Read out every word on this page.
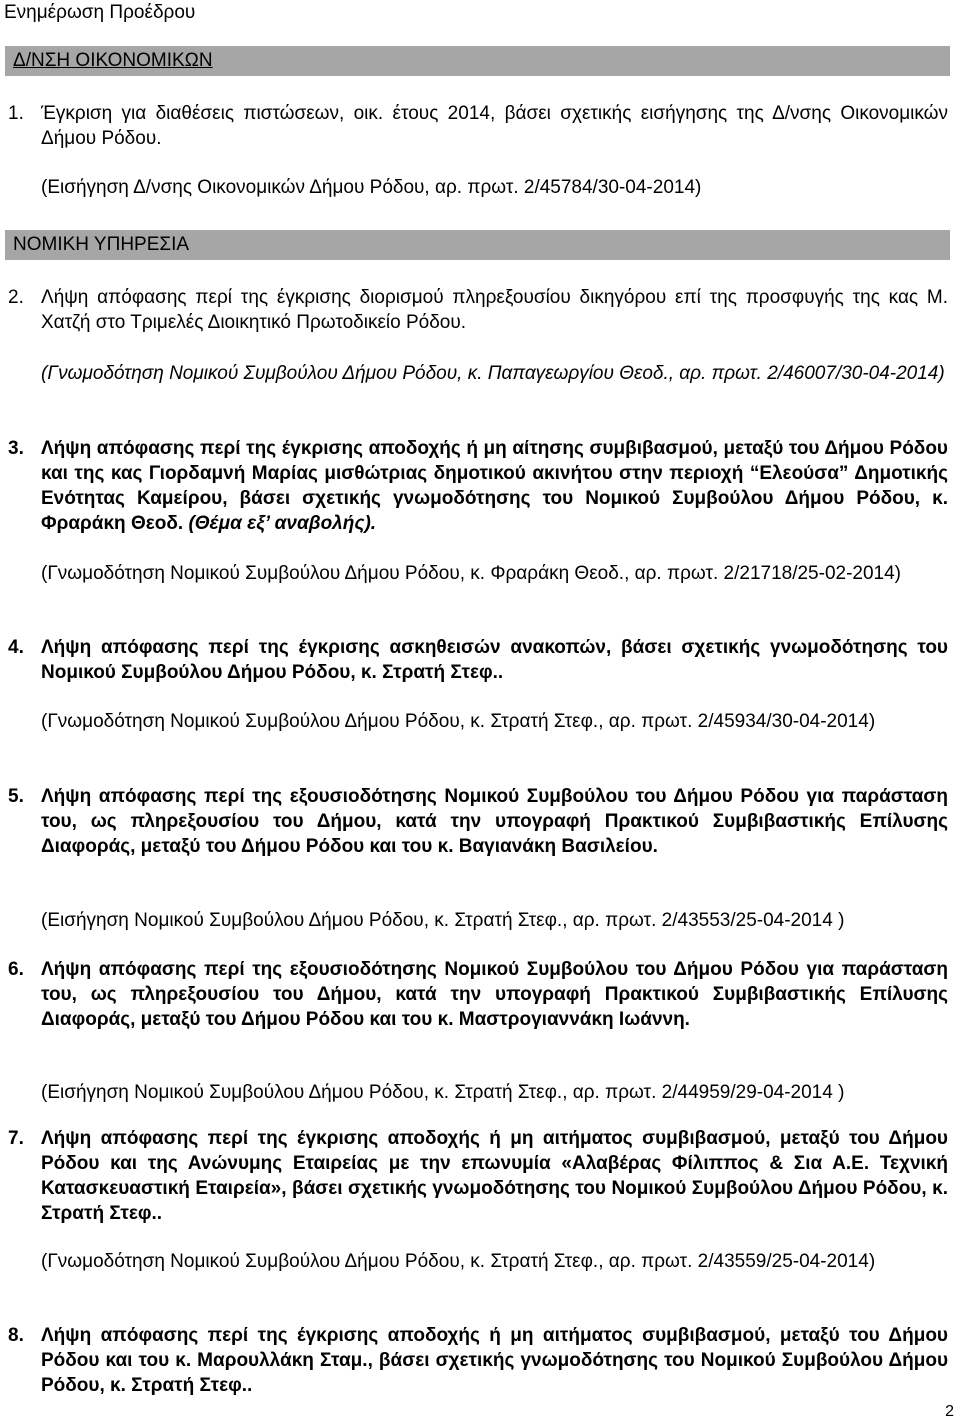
Ενημέρωση Προέδρου
Δ/ΝΣΗ ΟΙΚΟΝΟΜΙΚΩΝ
1. Έγκριση για διαθέσεις πιστώσεων, οικ. έτους 2014, βάσει σχετικής εισήγησης της Δ/νσης Οικονομικών Δήμου Ρόδου.
(Εισήγηση Δ/νσης Οικονομικών Δήμου Ρόδου, αρ. πρωτ. 2/45784/30-04-2014)
ΝΟΜΙΚΗ ΥΠΗΡΕΣΙΑ
2. Λήψη απόφασης περί της έγκρισης διορισμού πληρεξουσίου δικηγόρου επί της προσφυγής της κας Μ. Χατζή στο Τριμελές Διοικητικό Πρωτοδικείο Ρόδου.
(Γνωμοδότηση Νομικού Συμβούλου Δήμου Ρόδου, κ. Παπαγεωργίου Θεοδ., αρ. πρωτ. 2/46007/30-04-2014)
3. Λήψη απόφασης περί της έγκρισης αποδοχής ή μη αίτησης συμβιβασμού, μεταξύ του Δήμου Ρόδου και της κας Γιορδαμνή Μαρίας μισθώτριας δημοτικού ακινήτου στην περιοχή “Ελεούσα” Δημοτικής Ενότητας Καμείρου, βάσει σχετικής γνωμοδότησης του Νομικού Συμβούλου Δήμου Ρόδου, κ. Φραράκη Θεοδ. (Θέμα εξ’ αναβολής).
(Γνωμοδότηση Νομικού Συμβούλου Δήμου Ρόδου, κ. Φραράκη Θεοδ., αρ. πρωτ. 2/21718/25-02-2014)
4. Λήψη απόφασης περί της έγκρισης ασκηθεισών ανακοπών, βάσει σχετικής γνωμοδότησης του Νομικού Συμβούλου Δήμου Ρόδου, κ. Στρατή Στεφ..
(Γνωμοδότηση Νομικού Συμβούλου Δήμου Ρόδου, κ. Στρατή Στεφ., αρ. πρωτ. 2/45934/30-04-2014)
5. Λήψη απόφασης περί της εξουσιοδότησης Νομικού Συμβούλου του Δήμου Ρόδου για παράσταση του, ως πληρεξουσίου του Δήμου, κατά την υπογραφή Πρακτικού Συμβιβαστικής Επίλυσης Διαφοράς, μεταξύ του Δήμου Ρόδου και του κ. Βαγιανάκη Βασιλείου.
(Εισήγηση Νομικού Συμβούλου Δήμου Ρόδου, κ. Στρατή Στεφ., αρ. πρωτ. 2/43553/25-04-2014 )
6. Λήψη απόφασης περί της εξουσιοδότησης Νομικού Συμβούλου του Δήμου Ρόδου για παράσταση του, ως πληρεξουσίου του Δήμου, κατά την υπογραφή Πρακτικού Συμβιβαστικής Επίλυσης Διαφοράς, μεταξύ του Δήμου Ρόδου και του κ. Μαστρογιαννάκη Ιωάννη.
(Εισήγηση Νομικού Συμβούλου Δήμου Ρόδου, κ. Στρατή Στεφ., αρ. πρωτ. 2/44959/29-04-2014 )
7. Λήψη απόφασης περί της έγκρισης αποδοχής ή μη αιτήματος συμβιβασμού, μεταξύ του Δήμου Ρόδου και της Ανώνυμης Εταιρείας με την επωνυμία «Αλαβέρας Φίλιππος & Σια Α.Ε. Τεχνική Κατασκευαστική Εταιρεία», βάσει σχετικής γνωμοδότησης του Νομικού Συμβούλου Δήμου Ρόδου, κ. Στρατή Στεφ..
(Γνωμοδότηση Νομικού Συμβούλου Δήμου Ρόδου, κ. Στρατή Στεφ., αρ. πρωτ. 2/43559/25-04-2014)
8. Λήψη απόφασης περί της έγκρισης αποδοχής ή μη αιτήματος συμβιβασμού, μεταξύ του Δήμου Ρόδου και του κ. Μαρουλλάκη Σταμ., βάσει σχετικής γνωμοδότησης του Νομικού Συμβούλου Δήμου Ρόδου, κ. Στρατή Στεφ..
2
